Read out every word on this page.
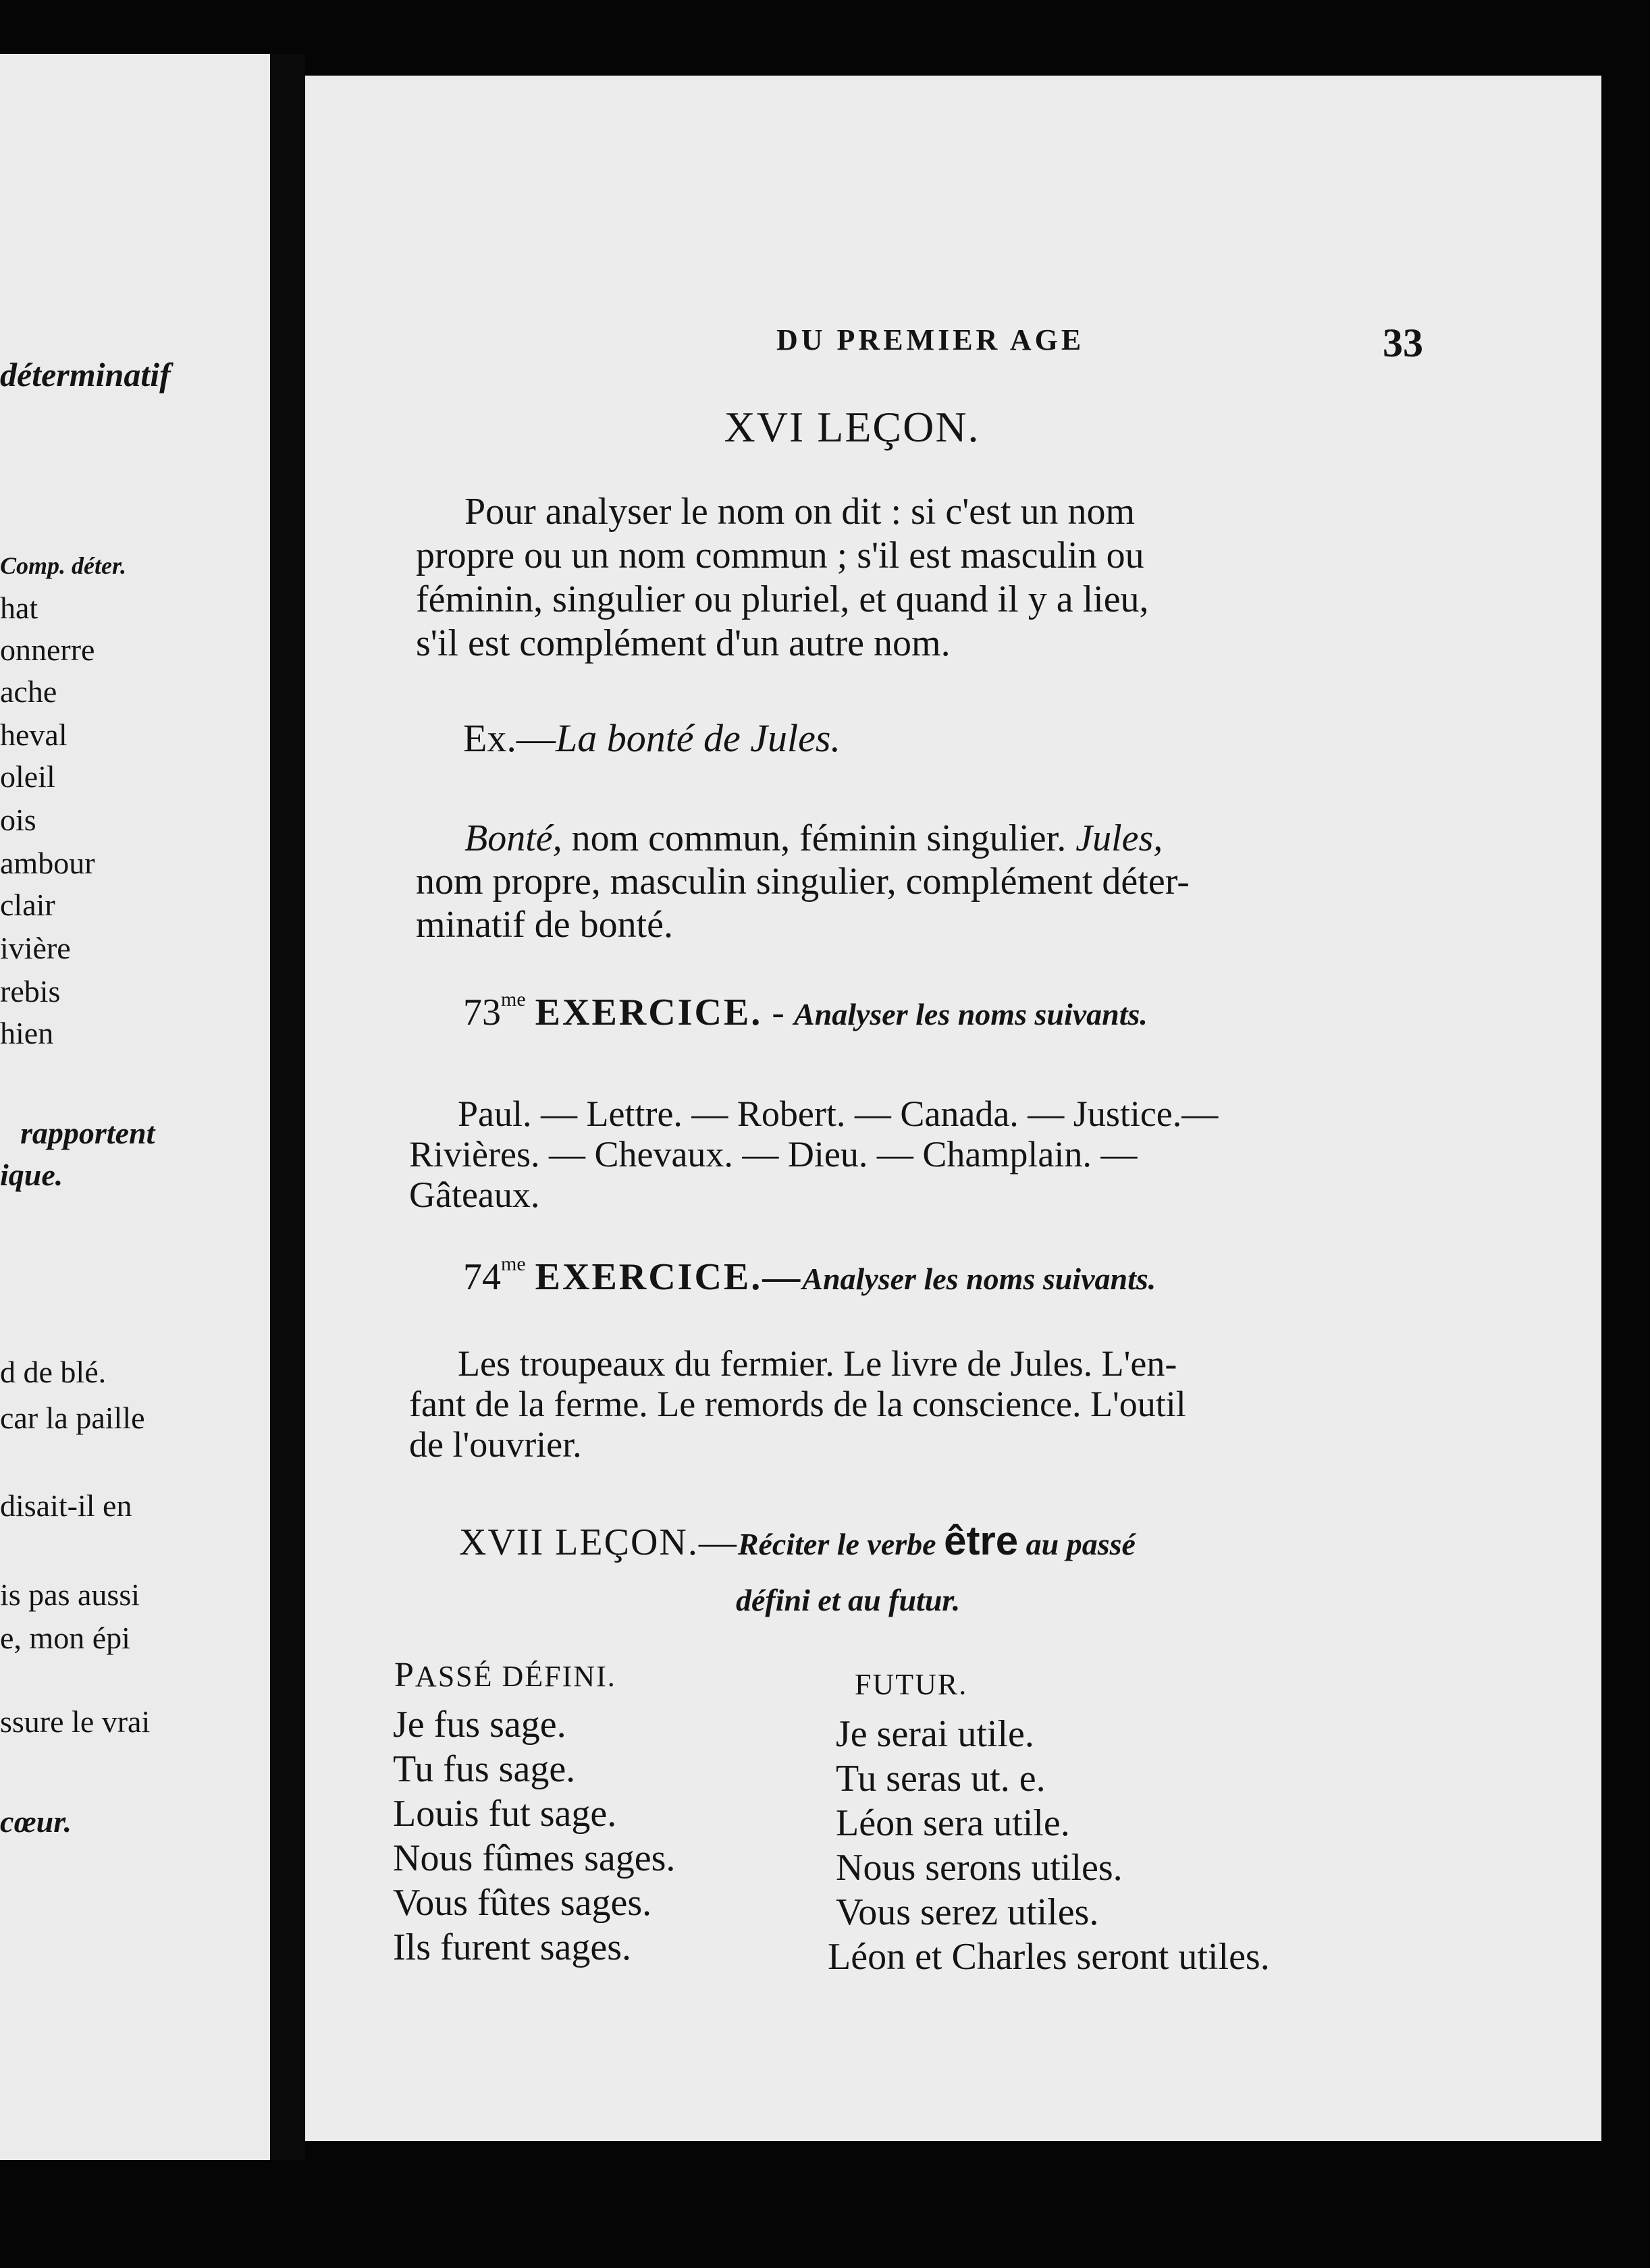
déterminatif
Comp. déter.
hat
onnerre
ache
heval
oleil
ois
ambour
clair
ivière
rebis
hien
rapportent
ique.
d de blé.
car la paille
disait-il en
is pas aussi
e, mon épi
ssure le vrai
cœur.
DU PREMIER AGE	33
XVI LEÇON.
Pour analyser le nom on dit : si c'est un nom
propre ou un nom commun ; s'il est masculin ou
féminin, singulier ou pluriel, et quand il y a lieu,
s'il est complément d'un autre nom.
Ex.—La bonté de Jules.
Bonté, nom commun, féminin singulier. Jules,
nom propre, masculin singulier, complément déter-
minatif de bonté.
$73^{me}$ EXERCICE. - Analyser les noms suivants.
Paul. — Lettre. — Robert. — Canada. — Justice.—
Rivières. — Chevaux. — Dieu. — Champlain. —
Gâteaux.
$74^{me}$ EXERCICE.—Analyser les noms suivants.
Les troupeaux du fermier. Le livre de Jules. L'en-
fant de la ferme. Le remords de la conscience. L'outil
de l'ouvrier.
XVII LEÇON.—Réciter le verbe être au passé
défini et au futur.
PASSÉ DÉFINI.	FUTUR.
Je fus sage.
Tu fus sage.
Louis fut sage.
Nous fûmes sages.
Vous fûtes sages.
Ils furent sages.
Je serai utile.
Tu seras ut. e.
Léon sera utile.
Nous serons utiles.
Vous serez utiles.
Léon et Charles seront utiles.
